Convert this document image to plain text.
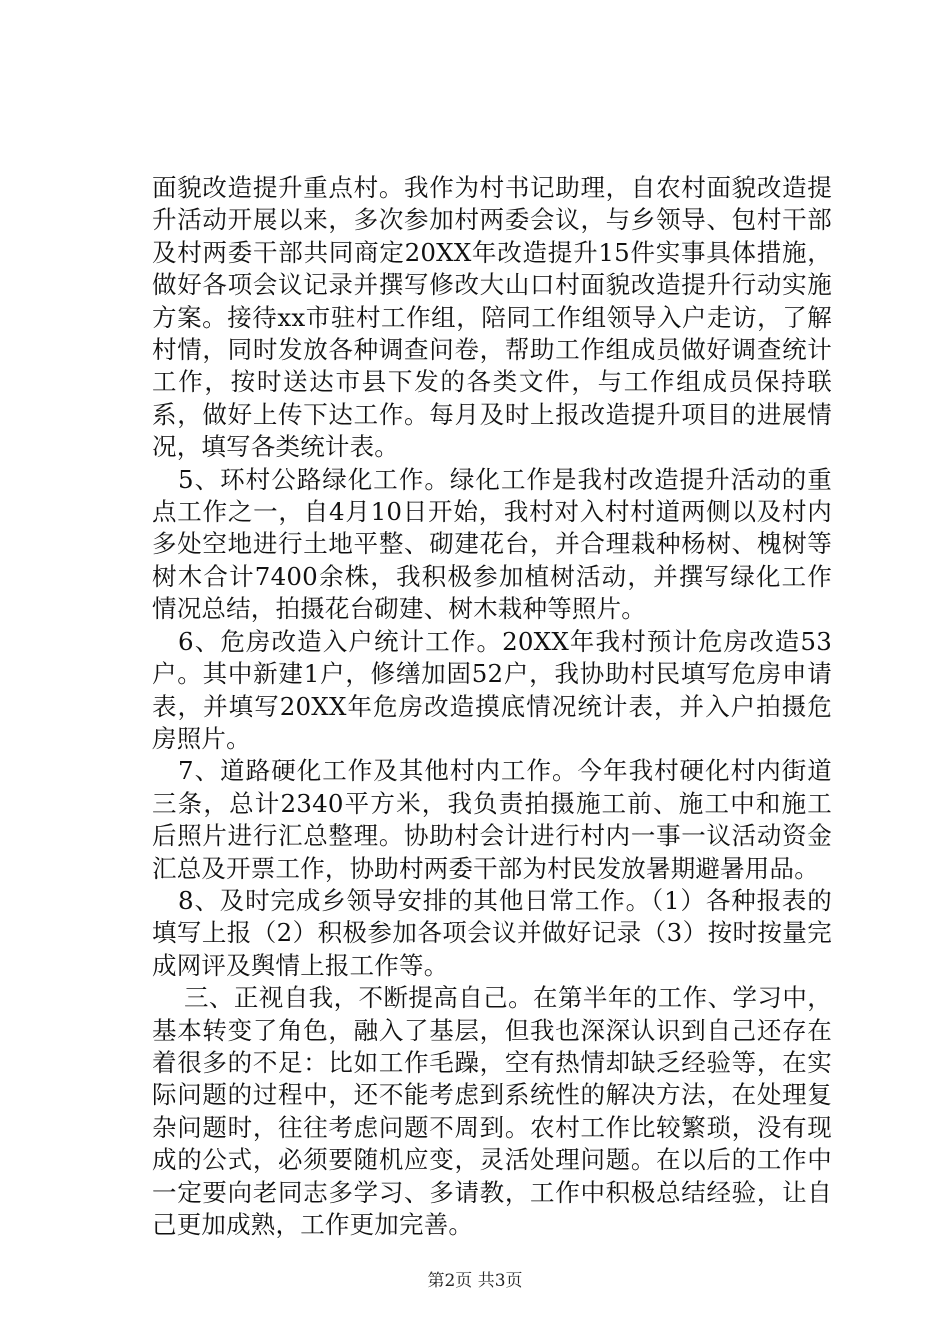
面貌改造提升重点村。我作为村书记助理，自农村面貌改造提升活动开展以来，多次参加村两委会议，与乡领导、包村干部及村两委干部共同商定20XX年改造提升15件实事具体措施，做好各项会议记录并撰写修改大山口村面貌改造提升行动实施方案。接待xx市驻村工作组，陪同工作组领导入户走访，了解村情，同时发放各种调查问卷，帮助工作组成员做好调查统计工作，按时送达市县下发的各类文件，与工作组成员保持联系，做好上传下达工作。每月及时上报改造提升项目的进展情况，填写各类统计表。

5、环村公路绿化工作。绿化工作是我村改造提升活动的重点工作之一，自4月10日开始，我村对入村村道两侧以及村内多处空地进行土地平整、砌建花台，并合理栽种杨树、槐树等树木合计7400余株，我积极参加植树活动，并撰写绿化工作情况总结，拍摄花台砌建、树木栽种等照片。

6、危房改造入户统计工作。20XX年我村预计危房改造53户。其中新建1户，修缮加固52户，我协助村民填写危房申请表，并填写20XX年危房改造摸底情况统计表，并入户拍摄危房照片。

7、道路硬化工作及其他村内工作。今年我村硬化村内街道三条，总计2340平方米，我负责拍摄施工前、施工中和施工后照片进行汇总整理。协助村会计进行村内一事一议活动资金汇总及开票工作，协助村两委干部为村民发放暑期避暑用品。

8、及时完成乡领导安排的其他日常工作。（1）各种报表的填写上报（2）积极参加各项会议并做好记录（3）按时按量完成网评及舆情上报工作等。

三、正视自我，不断提高自己。在第半年的工作、学习中，基本转变了角色，融入了基层，但我也深深认识到自己还存在着很多的不足：比如工作毛躁，空有热情却缺乏经验等，在实际问题的过程中，还不能考虑到系统性的解决方法，在处理复杂问题时，往往考虑问题不周到。农村工作比较繁琐，没有现成的公式，必须要随机应变，灵活处理问题。在以后的工作中一定要向老同志多学习、多请教，工作中积极总结经验，让自己更加成熟，工作更加完善。

第2页 共3页
